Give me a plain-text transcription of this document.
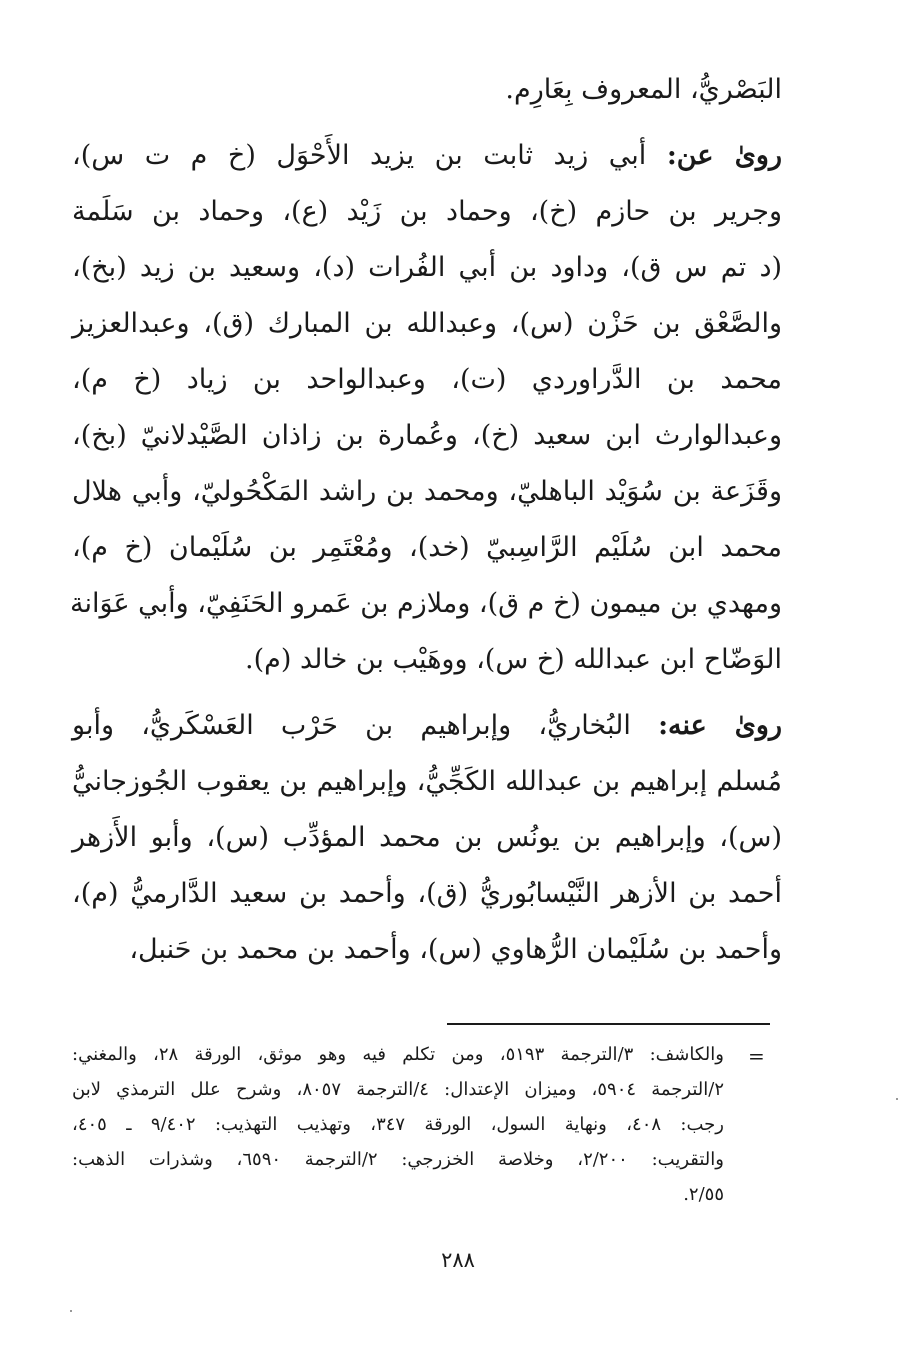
البَصْريُّ، المعروف بِعَارِم.
روىٰ عن: أبي زيد ثابت بن يزيد الأَحْوَل (خ م ت س)،
وجرير بن حازم (خ)، وحماد بن زَيْد (ع)، وحماد بن سَلَمة
(د تم س ق)، وداود بن أبي الفُرات (د)، وسعيد بن زيد (بخ)،
والصَّعْق بن حَزْن (س)، وعبدالله بن المبارك (ق)، وعبدالعزيز
محمد بن الدَّراوردي (ت)، وعبدالواحد بن زياد (خ م)،
وعبدالوارث ابن سعيد (خ)، وعُمارة بن زاذان الصَّيْدلانيّ (بخ)،
وقَزَعة بن سُوَيْد الباهليّ، ومحمد بن راشد المَكْحُوليّ، وأبي هلال
محمد ابن سُلَيْم الرَّاسِبيّ (خد)، ومُعْتَمِر بن سُلَيْمان (خ م)،
ومهدي بن ميمون (خ م ق)، وملازم بن عَمرو الحَنَفِيّ، وأبي عَوَانة
الوَضّاح ابن عبدالله (خ س)، ووهَيْب بن خالد (م).
روىٰ عنه: البُخاريُّ، وإبراهيم بن حَرْب العَسْكَريُّ، وأبو
مُسلم إبراهيم بن عبدالله الكَجِّيُّ، وإبراهيم بن يعقوب الجُوزجانيُّ
(س)، وإبراهيم بن يونُس بن محمد المؤدِّب (س)، وأبو الأَزهر
أحمد بن الأزهر النَّيْسابُوريُّ (ق)، وأحمد بن سعيد الدَّارميُّ (م)،
وأحمد بن سُلَيْمان الرُّهاوي (س)، وأحمد بن محمد بن حَنبل،
=
والكاشف: ٣/الترجمة ٥١٩٣، ومن تكلم فيه وهو موثق، الورقة ٢٨، والمغني:
٢/الترجمة ٥٩٠٤، وميزان الإعتدال: ٤/الترجمة ٨٠٥٧، وشرح علل الترمذي لابن
رجب: ٤٠٨، ونهاية السول، الورقة ٣٤٧، وتهذيب التهذيب: ٩/٤٠٢ ـ ٤٠٥،
والتقريب: ٢/٢٠٠، وخلاصة الخزرجي: ٢/الترجمة ٦٥٩٠، وشذرات الذهب:
٢/٥٥.
٢٨٨
